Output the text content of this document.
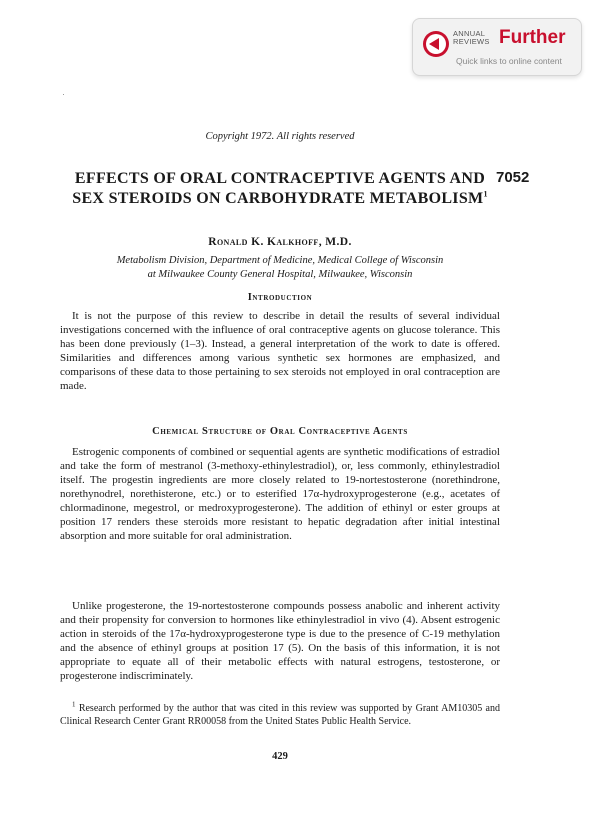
ANNUAL REVIEWS Further
Quick links to online content
Copyright 1972. All rights reserved
EFFECTS OF ORAL CONTRACEPTIVE AGENTS AND SEX STEROIDS ON CARBOHYDRATE METABOLISM$^1$
7052
Ronald K. Kalkhoff, M.D.
Metabolism Division, Department of Medicine, Medical College of Wisconsin
at Milwaukee County General Hospital, Milwaukee, Wisconsin
Introduction

It is not the purpose of this review to describe in detail the results of several individual investigations concerned with the influence of oral contraceptive agents on glucose tolerance. This has been done previously (1–3). Instead, a general interpretation of the work to date is offered. Similarities and differences among various synthetic sex hormones are emphasized, and comparisons of these data to those pertaining to sex steroids not employed in oral contraception are made.

Chemical Structure of Oral Contraceptive Agents

Estrogenic components of combined or sequential agents are synthetic modifications of estradiol and take the form of mestranol (3-methoxy-ethinylestradiol), or, less commonly, ethinylestradiol itself. The progestin ingredients are more closely related to 19-nortestosterone (norethindrone, norethynodrel, norethisterone, etc.) or to esterified 17α-hydroxyprogesterone (e.g., acetates of chlormadinone, megestrol, or medroxyprogesterone). The addition of ethinyl or ester groups at position 17 renders these steroids more resistant to hepatic degradation after initial intestinal absorption and more suitable for oral administration.

Unlike progesterone, the 19-nortestosterone compounds possess anabolic and inherent activity and their propensity for conversion to hormones like ethinylestradiol in vivo (4). Absent estrogenic action in steroids of the 17α-hydroxyprogesterone type is due to the presence of C-19 methylation and the absence of ethinyl groups at position 17 (5). On the basis of this information, it is not appropriate to equate all of their metabolic effects with natural estrogens, testosterone, or progesterone indiscriminately.

$^1$ Research performed by the author that was cited in this review was supported by Grant AM10305 and Clinical Research Center Grant RR00058 from the United States Public Health Service.

429
